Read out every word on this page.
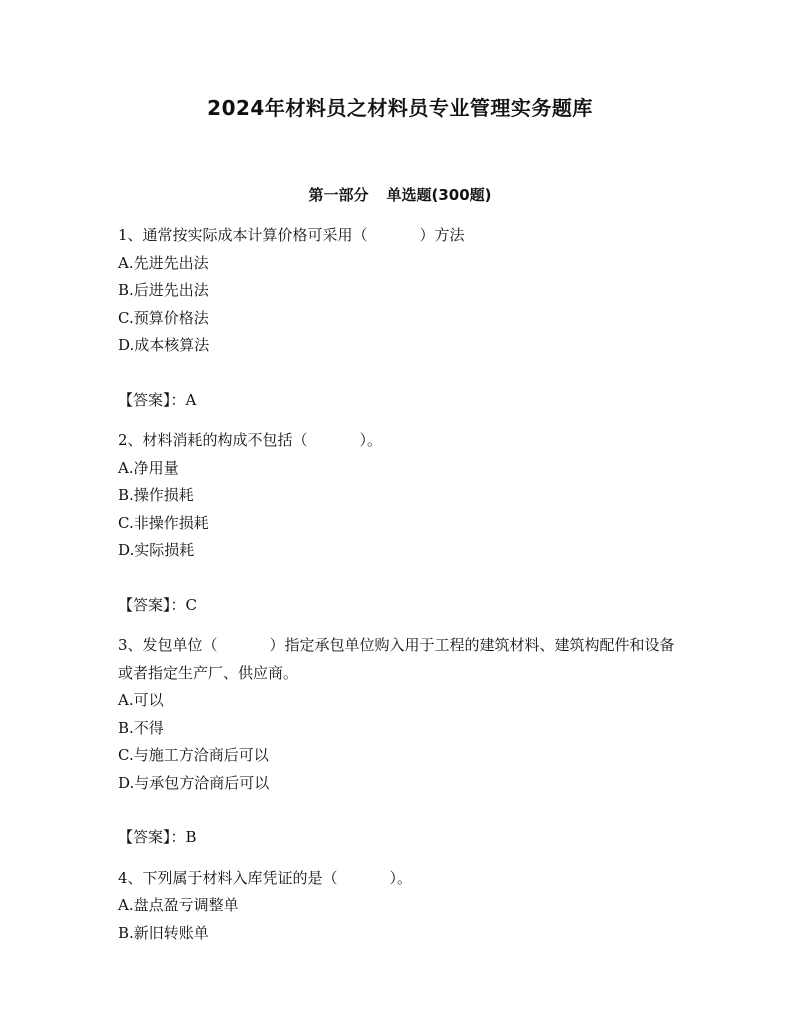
2024年材料员之材料员专业管理实务题库
第一部分 单选题(300题)

1、通常按实际成本计算价格可采用（	）方法

A.先进先出法

B.后进先出法

C.预算价格法

D.成本核算法

【答案】：A

2、材料消耗的构成不包括（	）。

A.净用量

B.操作损耗

C.非操作损耗

D.实际损耗

【答案】：C

3、发包单位（	）指定承包单位购入用于工程的建筑材料、建筑构配件和设备或者指定生产厂、供应商。

A.可以

B.不得

C.与施工方洽商后可以

D.与承包方洽商后可以

【答案】：B

4、下列属于材料入库凭证的是（	）。

A.盘点盈亏调整单

B.新旧转账单
